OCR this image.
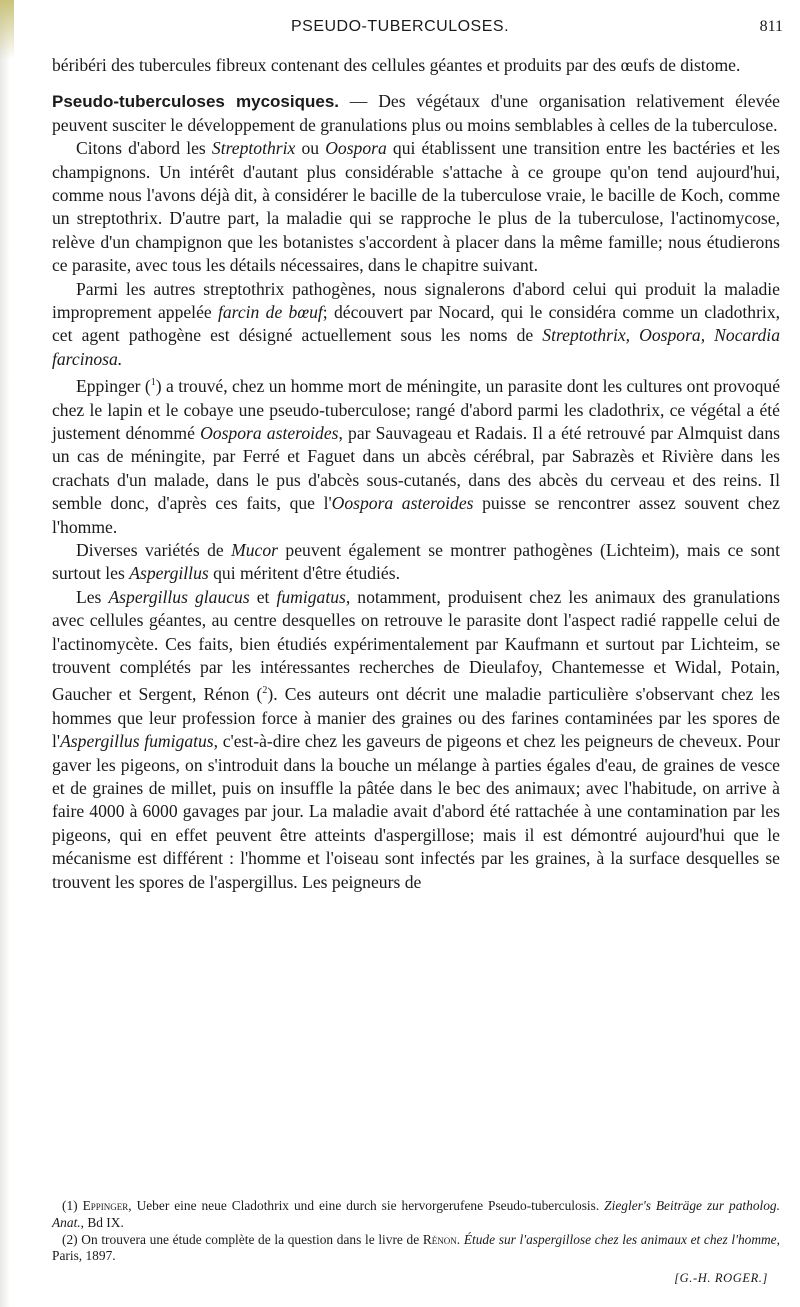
PSEUDO-TUBERCULOSES.	811

béribéri des tubercules fibreux contenant des cellules géantes et produits par des œufs de distome.

Pseudo-tuberculoses mycosiques. — Des végétaux d'une organisation relativement élevée peuvent susciter le développement de granulations plus ou moins semblables à celles de la tuberculose.

Citons d'abord les Streptothrix ou Oospora qui établissent une transition entre les bactéries et les champignons. Un intérêt d'autant plus considérable s'attache à ce groupe qu'on tend aujourd'hui, comme nous l'avons déjà dit, à considérer le bacille de la tuberculose vraie, le bacille de Koch, comme un streptothrix. D'autre part, la maladie qui se rapproche le plus de la tuberculose, l'actinomycose, relève d'un champignon que les botanistes s'accordent à placer dans la même famille; nous étudierons ce parasite, avec tous les détails nécessaires, dans le chapitre suivant.

Parmi les autres streptothrix pathogènes, nous signalerons d'abord celui qui produit la maladie improprement appelée farcin de bœuf; découvert par Nocard, qui le considéra comme un cladothrix, cet agent pathogène est désigné actuellement sous les noms de Streptothrix, Oospora, Nocardia farcinosa.

Eppinger ($^1$) a trouvé, chez un homme mort de méningite, un parasite dont les cultures ont provoqué chez le lapin et le cobaye une pseudo-tuberculose; rangé d'abord parmi les cladothrix, ce végétal a été justement dénommé Oospora asteroides, par Sauvageau et Radais. Il a été retrouvé par Almquist dans un cas de méningite, par Ferré et Faguet dans un abcès cérébral, par Sabrazès et Rivière dans les crachats d'un malade, dans le pus d'abcès sous-cutanés, dans des abcès du cerveau et des reins. Il semble donc, d'après ces faits, que l'Oospora asteroides puisse se rencontrer assez souvent chez l'homme.

Diverses variétés de Mucor peuvent également se montrer pathogènes (Lichteim), mais ce sont surtout les Aspergillus qui méritent d'être étudiés.

Les Aspergillus glaucus et fumigatus, notamment, produisent chez les animaux des granulations avec cellules géantes, au centre desquelles on retrouve le parasite dont l'aspect radié rappelle celui de l'actinomycète. Ces faits, bien étudiés expérimentalement par Kaufmann et surtout par Lichteim, se trouvent complétés par les intéressantes recherches de Dieulafoy, Chantemesse et Widal, Potain, Gaucher et Sergent, Rénon ($^2$). Ces auteurs ont décrit une maladie particulière s'observant chez les hommes que leur profession force à manier des graines ou des farines contaminées par les spores de l'Aspergillus fumigatus, c'est-à-dire chez les gaveurs de pigeons et chez les peigneurs de cheveux. Pour gaver les pigeons, on s'introduit dans la bouche un mélange à parties égales d'eau, de graines de vesce et de graines de millet, puis on insuffle la pâtée dans le bec des animaux; avec l'habitude, on arrive à faire 4000 à 6000 gavages par jour. La maladie avait d'abord été rattachée à une contamination par les pigeons, qui en effet peuvent être atteints d'aspergillose; mais il est démontré aujourd'hui que le mécanisme est différent : l'homme et l'oiseau sont infectés par les graines, à la surface desquelles se trouvent les spores de l'aspergillus. Les peigneurs de

(1) Eppinger, Ueber eine neue Cladothrix und eine durch sie hervorgerufene Pseudo-tuberculosis. Ziegler's Beiträge zur patholog. Anat., Bd IX.

(2) On trouvera une étude complète de la question dans le livre de Rénon. Étude sur l'aspergillose chez les animaux et chez l'homme, Paris, 1897.

[G.-H. ROGER.]
